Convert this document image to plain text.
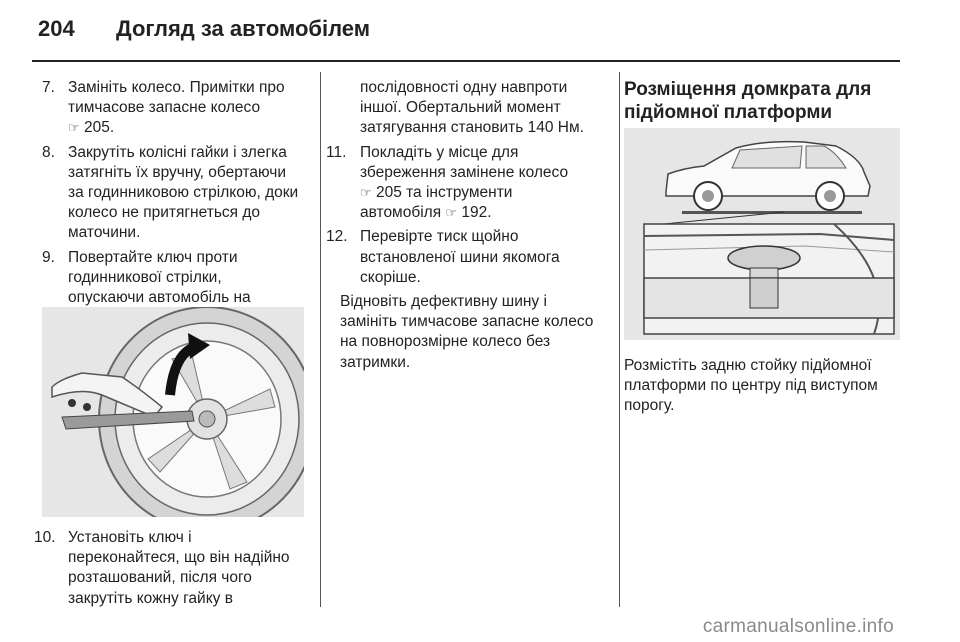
204 Догляд за автомобілем
7. Замініть колесо. Примітки про
тимчасове запасне колесо
☞ 205.
8. Закрутіть колісні гайки і злегка
затягніть їх вручну, обертаючи
за годинниковою стрілкою, доки
колесо не притягнеться до
маточини.
9. Повертайте ключ проти
годинникової стрілки,
опускаючи автомобіль на
10. Установіть ключ і
переконайтеся, що він надійно
розташований, після чого
закрутіть кожну гайку в
послідовності одну навпроти
іншої. Обертальний момент
затягування становить 140 Нм.
11. Покладіть у місце для
збереження замінене колесо
☞ 205 та інструменти
автомобіля ☞ 192.
12. Перевірте тиск щойно
встановленої шини якомога
скоріше.
Відновіть дефективну шину і
замініть тимчасове запасне колесо
на повнорозмірне колесо без
затримки.
Розміщення домкрата для
підйомної платформи
Розмістіть задню стойку підйомної
платформи по центру під виступом
порогу.
carmanualsonline.info
